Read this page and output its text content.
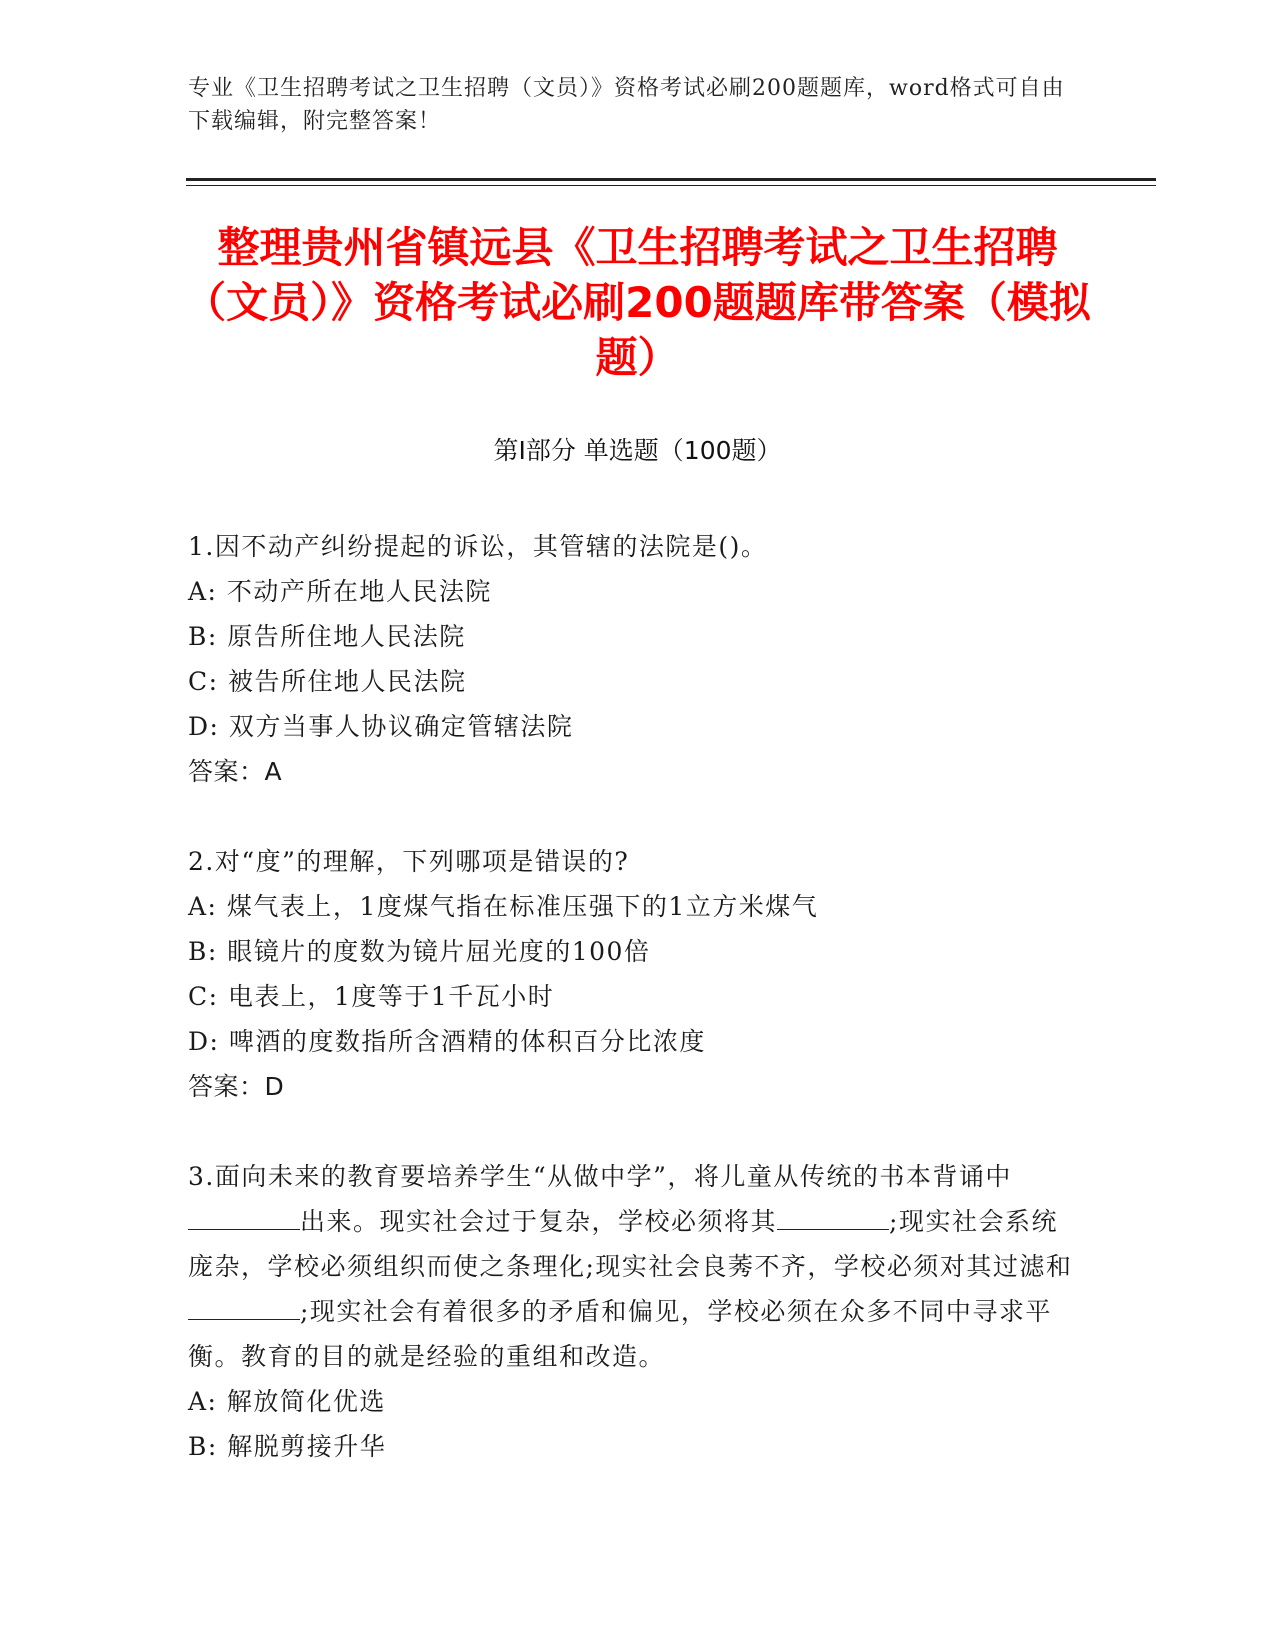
专业《卫生招聘考试之卫生招聘（文员）》资格考试必刷200题题库，word格式可自由下载编辑，附完整答案！
整理贵州省镇远县《卫生招聘考试之卫生招聘（文员）》资格考试必刷200题题库带答案（模拟题）
第Ⅰ部分 单选题（100题）

1.因不动产纠纷提起的诉讼，其管辖的法院是()。

A: 不动产所在地人民法院

B: 原告所住地人民法院

C: 被告所住地人民法院

D: 双方当事人协议确定管辖法院

答案：A

2.对“度”的理解，下列哪项是错误的?

A: 煤气表上，1度煤气指在标准压强下的1立方米煤气

B: 眼镜片的度数为镜片屈光度的100倍

C: 电表上，1度等于1千瓦小时

D: 啤酒的度数指所含酒精的体积百分比浓度

答案：D

3.面向未来的教育要培养学生“从做中学”，将儿童从传统的书本背诵中出来。现实社会过于复杂，学校必须将其	;现实社会系统庞杂，学校必须组织而使之条理化;现实社会良莠不齐，学校必须对其过滤和;现实社会有着很多的矛盾和偏见，学校必须在众多不同中寻求平衡。教育的目的就是经验的重组和改造。

A: 解放简化优选

B: 解脱剪接升华
